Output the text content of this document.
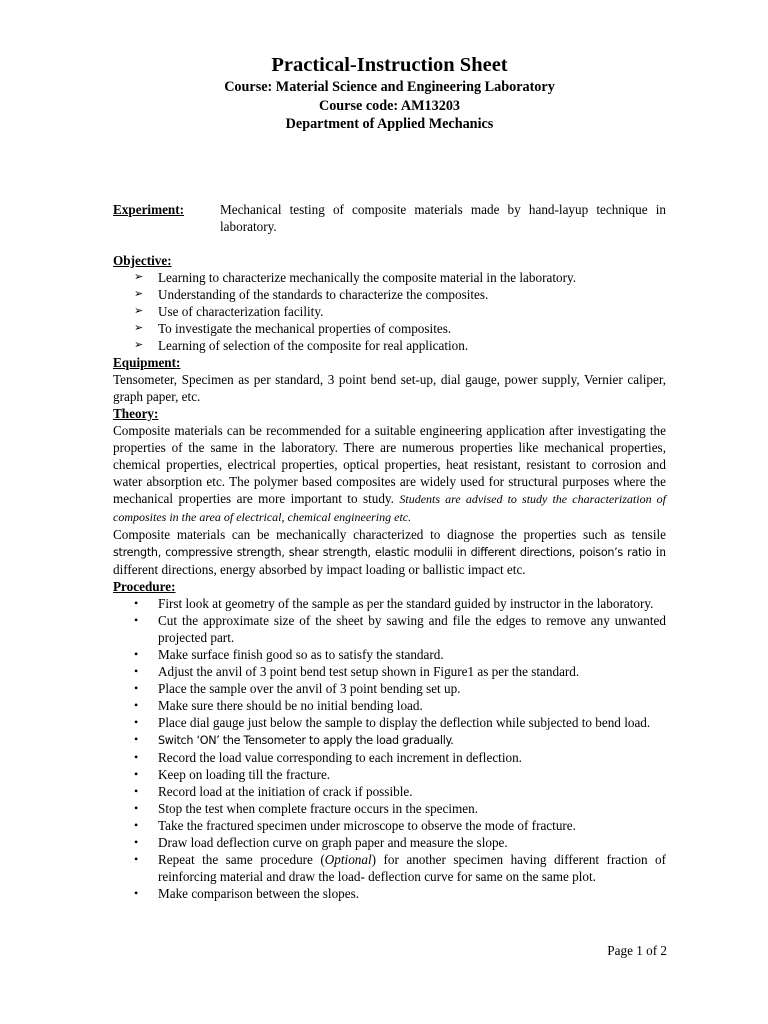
Practical-Instruction Sheet

Course: Material Science and Engineering Laboratory

Course code: AM13203

Department of Applied Mechanics

Experiment:	Mechanical testing of composite materials made by hand-layup technique in laboratory.

Objective:

➢ Learning to characterize mechanically the composite material in the laboratory.
➢ Understanding of the standards to characterize the composites.
➢ Use of characterization facility.
➢ To investigate the mechanical properties of composites.
➢ Learning of selection of the composite for real application.

Equipment:

Tensometer, Specimen as per standard, 3 point bend set-up, dial gauge, power supply, Vernier caliper, graph paper, etc.

Theory:

Composite materials can be recommended for a suitable engineering application after investigating the properties of the same in the laboratory. There are numerous properties like mechanical properties, chemical properties, electrical properties, optical properties, heat resistant, resistant to corrosion and water absorption etc. The polymer based composites are widely used for structural purposes where the mechanical properties are more important to study. Students are advised to study the characterization of composites in the area of electrical, chemical engineering etc.

Composite materials can be mechanically characterized to diagnose the properties such as tensile strength, compressive strength, shear strength, elastic modulii in different directions, poison’s ratio in different directions, energy absorbed by impact loading or ballistic impact etc.

Procedure:

• First look at geometry of the sample as per the standard guided by instructor in the laboratory.
• Cut the approximate size of the sheet by sawing and file the edges to remove any unwanted projected part.
• Make surface finish good so as to satisfy the standard.
• Adjust the anvil of 3 point bend test setup shown in Figure1 as per the standard.
• Place the sample over the anvil of 3 point bending set up.
• Make sure there should be no initial bending load.
• Place dial gauge just below the sample to display the deflection while subjected to bend load.
• Switch ‘ON’ the Tensometer to apply the load gradually.
• Record the load value corresponding to each increment in deflection.
• Keep on loading till the fracture.
• Record load at the initiation of crack if possible.
• Stop the test when complete fracture occurs in the specimen.
• Take the fractured specimen under microscope to observe the mode of fracture.
• Draw load deflection curve on graph paper and measure the slope.
• Repeat the same procedure (Optional) for another specimen having different fraction of reinforcing material and draw the load- deflection curve for same on the same plot.
• Make comparison between the slopes.
Page 1 of 2
